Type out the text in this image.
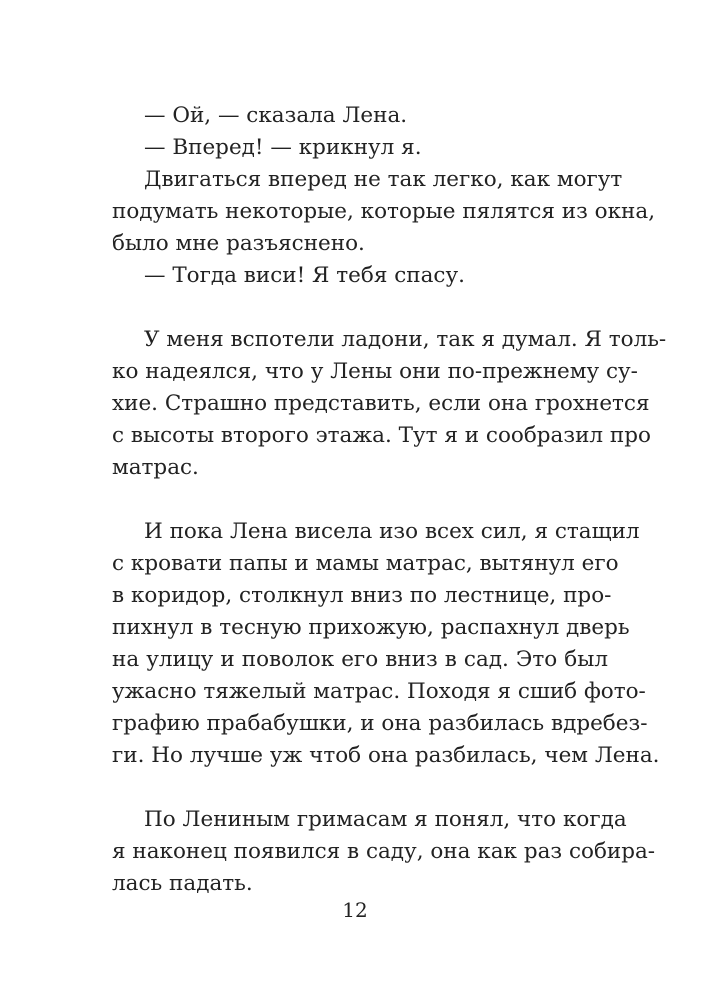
— Ой, — сказала Лена.
— Вперед! — крикнул я.
Двигаться вперед не так легко, как могут
подумать некоторые, которые пялятся из окна,
было мне разъяснено.
— Тогда виси! Я тебя спасу.
У меня вспотели ладони, так я думал. Я толь-
ко надеялся, что у Лены они по-прежнему су-
хие. Страшно представить, если она грохнется
с высоты второго этажа. Тут я и сообразил про
матрас.
И пока Лена висела изо всех сил, я стащил
с кровати папы и мамы матрас, вытянул его
в коридор, столкнул вниз по лестнице, про-
пихнул в тесную прихожую, распахнул дверь
на улицу и поволок его вниз в сад. Это был
ужасно тяжелый матрас. Походя я сшиб фото-
графию прабабушки, и она разбилась вдребез-
ги. Но лучше уж чтоб она разбилась, чем Лена.
По Лениным гримасам я понял, что когда
я наконец появился в саду, она как раз собира-
лась падать.
12
